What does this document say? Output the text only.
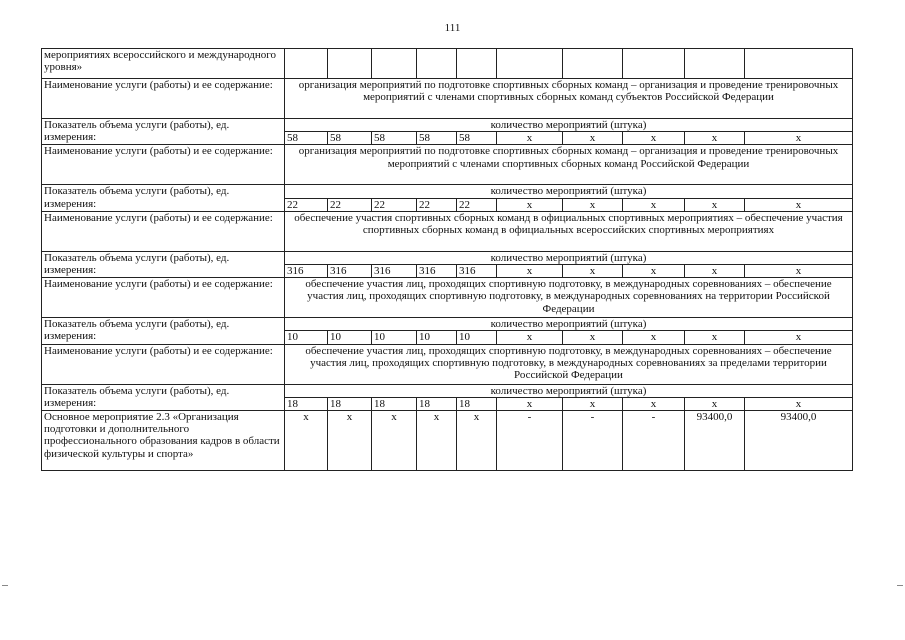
111
мероприятиях всероссийского и международного уровня»										
Наименование услуги (работы) и ее содержание:	организация мероприятий по подготовке спортивных сборных команд – организация и проведение тренировочных мероприятий с членами спортивных сборных команд субъектов Российской Федерации									
Показатель объема услуги (работы), ед. измерения:	количество мероприятий (штука)									
	58	58	58	58	58	х	х	х	х	х
Наименование услуги (работы) и ее содержание:	организация мероприятий по подготовке спортивных сборных команд – организация и проведение тренировочных мероприятий с членами спортивных сборных команд Российской Федерации									
Показатель объема услуги (работы), ед. измерения:	количество мероприятий (штука)									
	22	22	22	22	22	х	х	х	х	х
Наименование услуги (работы) и ее содержание:	обеспечение участия спортивных сборных команд в официальных спортивных мероприятиях – обеспечение участия спортивных сборных команд в официальных всероссийских спортивных мероприятиях									
Показатель объема услуги (работы), ед. измерения:	количество мероприятий (штука)									
	316	316	316	316	316	х	х	х	х	х
Наименование услуги (работы) и ее содержание:	обеспечение участия лиц, проходящих спортивную подготовку, в международных соревнованиях – обеспечение участия лиц, проходящих спортивную подготовку, в международных соревнованиях на территории Российской Федерации									
Показатель объема услуги (работы), ед. измерения:	количество мероприятий (штука)									
	10	10	10	10	10	х	х	х	х	х
Наименование услуги (работы) и ее содержание:	обеспечение участия лиц, проходящих спортивную подготовку, в международных соревнованиях – обеспечение участия лиц, проходящих спортивную подготовку, в международных соревнованиях за пределами территории Российской Федерации									
Показатель объема услуги (работы), ед. измерения:	количество мероприятий (штука)									
	18	18	18	18	18	х	х	х	х	х
Основное мероприятие 2.3 «Организация подготовки и дополнительного профессионального образования кадров в области физической культуры и спорта»	х	х	х	х	х	-	-	-	93400,0	93400,0
